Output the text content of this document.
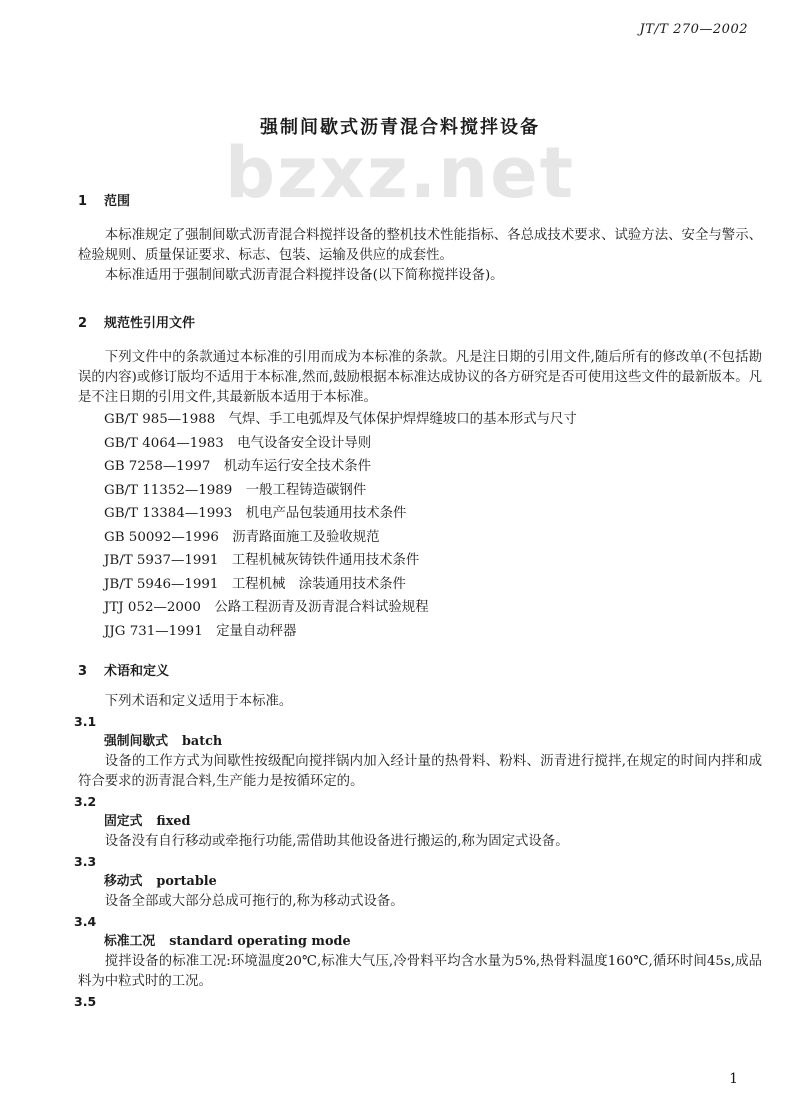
JT/T 270—2002
bzxz.net
强制间歇式沥青混合料搅拌设备
1 范围
本标准规定了强制间歇式沥青混合料搅拌设备的整机技术性能指标、各总成技术要求、试验方法、安全与警示、检验规则、质量保证要求、标志、包装、运输及供应的成套性。
本标准适用于强制间歇式沥青混合料搅拌设备(以下简称搅拌设备)。
2 规范性引用文件
下列文件中的条款通过本标准的引用而成为本标准的条款。凡是注日期的引用文件,随后所有的修改单(不包括勘误的内容)或修订版均不适用于本标准,然而,鼓励根据本标准达成协议的各方研究是否可使用这些文件的最新版本。凡是不注日期的引用文件,其最新版本适用于本标准。
GB/T 985—1988　气焊、手工电弧焊及气体保护焊焊缝坡口的基本形式与尺寸
GB/T 4064—1983　电气设备安全设计导则
GB 7258—1997　机动车运行安全技术条件
GB/T 11352—1989　一般工程铸造碳钢件
GB/T 13384—1993　机电产品包装通用技术条件
GB 50092—1996　沥青路面施工及验收规范
JB/T 5937—1991　工程机械灰铸铁件通用技术条件
JB/T 5946—1991　工程机械　涂装通用技术条件
JTJ 052—2000　公路工程沥青及沥青混合料试验规程
JJG 731—1991　定量自动秤器
3 术语和定义
下列术语和定义适用于本标准。
3.1
强制间歇式 batch
设备的工作方式为间歇性按级配向搅拌锅内加入经计量的热骨料、粉料、沥青进行搅拌,在规定的时间内拌和成符合要求的沥青混合料,生产能力是按循环定的。
3.2
固定式 fixed
设备没有自行移动或牵拖行功能,需借助其他设备进行搬运的,称为固定式设备。
3.3
移动式 portable
设备全部或大部分总成可拖行的,称为移动式设备。
3.4
标准工况 standard operating mode
搅拌设备的标准工况:环境温度20℃,标准大气压,冷骨料平均含水量为5%,热骨料温度160℃,循环时间45s,成品料为中粒式时的工况。
3.5
1
